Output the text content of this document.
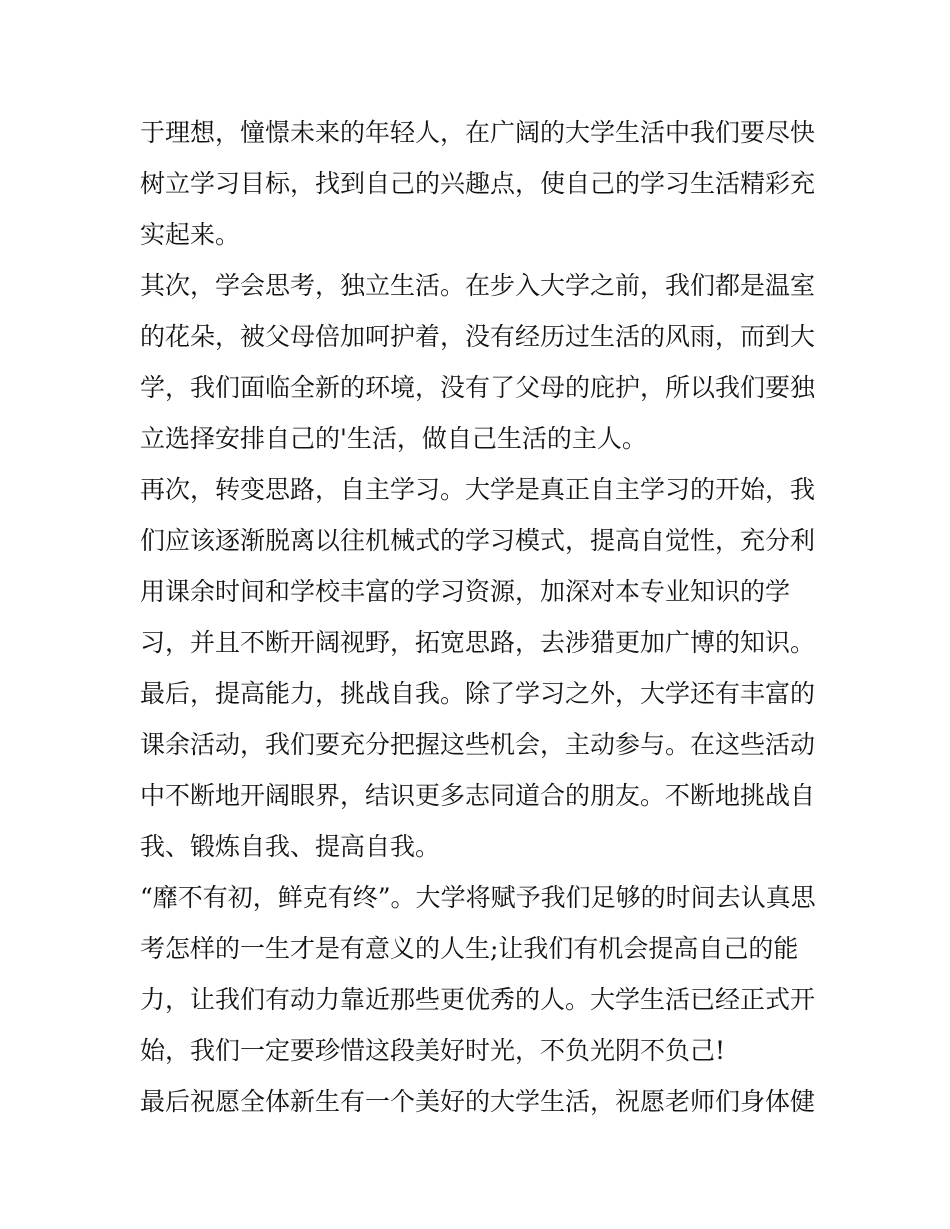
于理想，憧憬未来的年轻人，在广阔的大学生活中我们要尽快
树立学习目标，找到自己的兴趣点，使自己的学习生活精彩充
实起来。
其次，学会思考，独立生活。在步入大学之前，我们都是温室
的花朵，被父母倍加呵护着，没有经历过生活的风雨，而到大
学，我们面临全新的环境，没有了父母的庇护，所以我们要独
立选择安排自己的'生活，做自己生活的主人。
再次，转变思路，自主学习。大学是真正自主学习的开始，我
们应该逐渐脱离以往机械式的学习模式，提高自觉性，充分利
用课余时间和学校丰富的学习资源，加深对本专业知识的学
习，并且不断开阔视野，拓宽思路，去涉猎更加广博的知识。
最后，提高能力，挑战自我。除了学习之外，大学还有丰富的
课余活动，我们要充分把握这些机会，主动参与。在这些活动
中不断地开阔眼界，结识更多志同道合的朋友。不断地挑战自
我、锻炼自我、提高自我。
“靡不有初，鲜克有终”。大学将赋予我们足够的时间去认真思
考怎样的一生才是有意义的人生;让我们有机会提高自己的能
力，让我们有动力靠近那些更优秀的人。大学生活已经正式开
始，我们一定要珍惜这段美好时光，不负光阴不负己!
最后祝愿全体新生有一个美好的大学生活，祝愿老师们身体健
